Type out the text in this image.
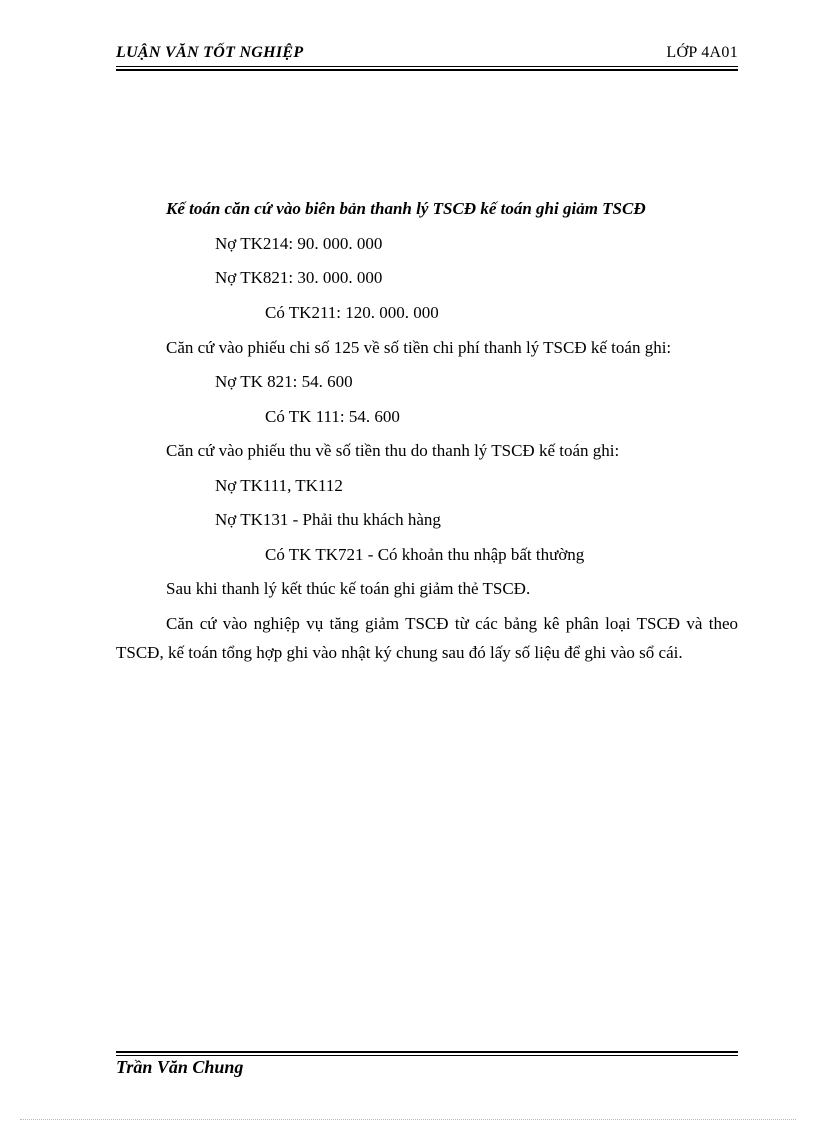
LUẬN VĂN TỐT NGHIỆP	LỚP 4A01
Kế toán căn cứ vào biên bản thanh lý TSCĐ kế toán ghi giảm TSCĐ
Nợ TK214: 90. 000. 000
Nợ TK821: 30. 000. 000
Có TK211: 120. 000. 000
Căn cứ vào phiếu chi số 125 về số tiền chi phí thanh lý TSCĐ kế toán ghi:
Nợ TK 821: 54. 600
Có TK 111: 54. 600
Căn cứ vào phiếu thu về số tiền thu do thanh lý TSCĐ kế toán ghi:
Nợ TK111, TK112
Nợ TK131 - Phải thu khách hàng
Có TK TK721 - Có khoản thu nhập bất thường
Sau khi thanh lý kết thúc kế toán ghi giảm thẻ TSCĐ.
Căn cứ vào nghiệp vụ tăng giảm TSCĐ từ các bảng kê phân loại TSCĐ và theo TSCĐ, kế toán tổng hợp ghi vào nhật ký chung sau đó lấy số liệu để ghi vào sổ cái.
Trần Văn Chung
